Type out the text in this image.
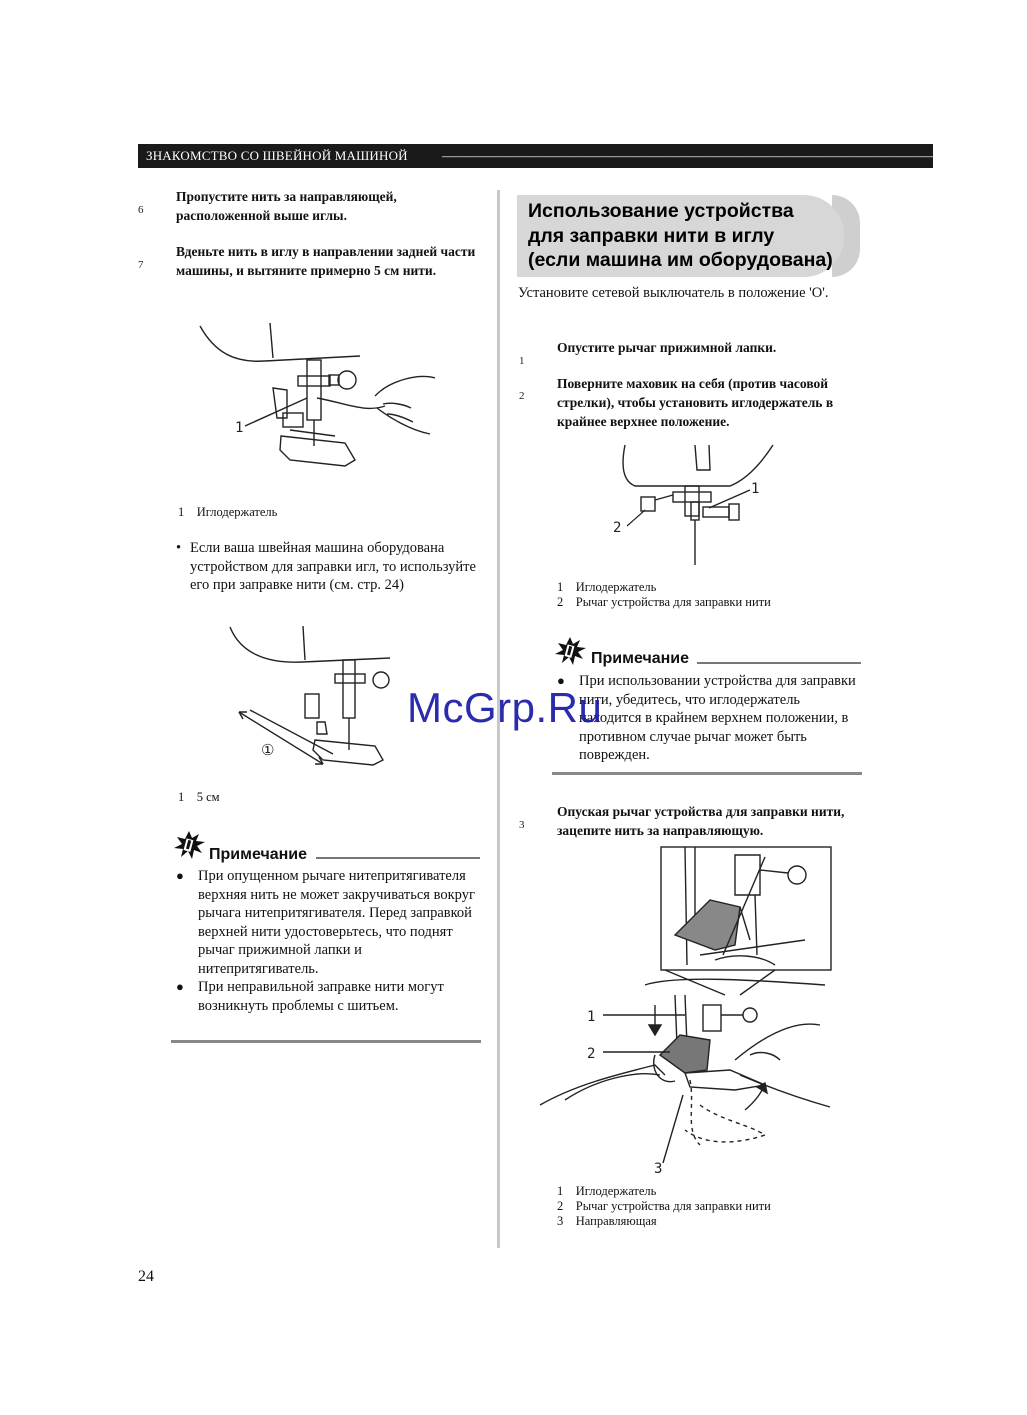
ЗНАКОМСТВО СО ШВЕЙНОЙ МАШИНОЙ	—————————————————————————————————————————————
6
Пропустите нить за направляющей, расположенной выше иглы.
7
Вденьте нить в иглу в направлении задней части машины, и вытяните примерно 5 см нити.
1
1 Иглодержатель
• Если ваша швейная машина оборудована устройством для заправки игл, то используйте его при заправке нити (см. стр. 24)
①
1 5 см
Примечание
● При опущенном рычаге нитепритягивателя верхняя нить не может закручиваться вокруг рычага нитепритягивателя. Перед заправкой верхней нити удостоверьтесь, что поднят рычаг прижимной лапки и нитепритягиватель.
● При неправильной заправке нити могут возникнуть проблемы с шитьем.
Использование устройства
для заправки нити в иглу
(если машина им оборудована)
Установите сетевой выключатель в положение 'O'.
1
Опустите рычаг прижимной лапки.
2
Поверните маховик на себя (против часовой стрелки), чтобы установить иглодержатель в крайнее верхнее положение.
1
2
1 Иглодержатель
2 Рычаг устройства для заправки нити
Примечание
● При использовании устройства для заправки нити, убедитесь, что иглодержатель находится в крайнем верхнем положении, в противном случае рычаг может быть поврежден.
3
Опуская рычаг устройства для заправки нити, зацепите нить за направляющую.
1
2
3
1 Иглодержатель
2 Рычаг устройства для заправки нити
3 Направляющая
McGrp.Ru
24
